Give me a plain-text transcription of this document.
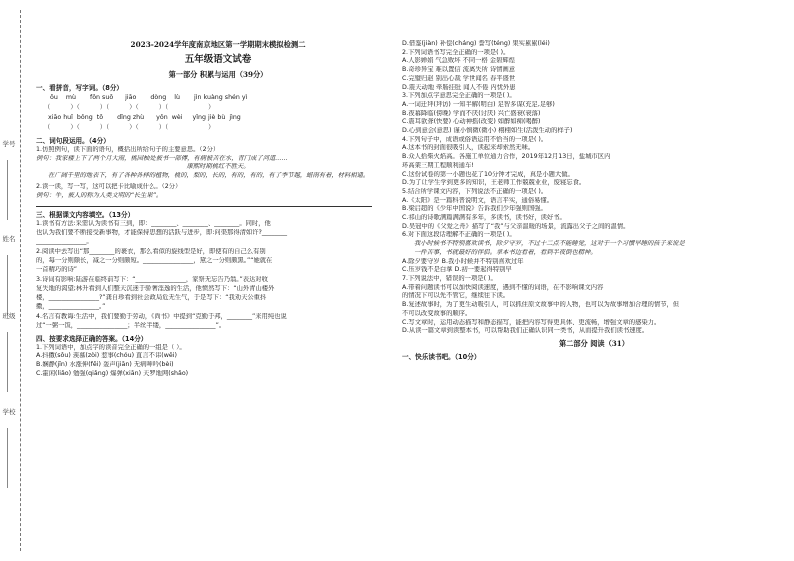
学号
姓名
班级
学校
2023-2024学年度南京地区第一学期期末模拟检测二
五年级语文试卷
第一部分 积累与运用（39分）
一、看拼音，写字词。（8分）
ōu    mù       fǒn suō      jiāo       dòng    lù       jìn kuàng shén yì
（          ）（          ）（          ）（          ）（                    ）
xiāo huǐ  bǒng  tō       dǐng zhù      yǒn  wèi     yǐng jiè bù  jìng
（          ）（          ）（          ）（          ）（                    ）
二、词句段运用。（4分）
1.仿照例句，读下面的语句，概括出所给句子的主要意思。（2分）
例句：我家楼上下了两个月大雨，桃园柚处被书一部傅，有病被苦在水，青门成了河道……
康熙时期桃红不胜天。
在广阔千里的地表下，有了各种各样的植物，桃的，梨的，长的，有的，有的，有了季节越，蜡雨有着，材料相通。
2.读一读，写一写，这可以把卡比喻成什么。（2分）
例句：牛，被人的称为人类文明的“长生果”。
三、根据课文内容填空。（13分）
1.读书有方法:采需认为读书有三到，即：________、________、________。同时，他
也认为我们要不断接受新事物，才能保持思想的活跃与进步，即:问渠那得清如许?________
________________。
2.阅读中去写出“那________的裹衣，那么看似的旋线型是好，即使有的自己么有别
的，每一分则颇长，减之一分则颇短。________________，黛之一分则颇黑。”“她就在
一首精巧的诗”
3.诗词有影响:陆游在临终前写下：“________________，家祭无忘告乃翁。”表达对收
复失地的渴望;林升看到人们整天沉迷于骄奢淫逸的生活，他愤然写下：“山外青山楼外
楼，________________?”龚自珍看到社会政局危无生气，于是写下：“我劝天公重抖
擞，________________。”
4.名言有教诲:生活中，我们要勤于劳动，《尚书》中提到“克勤于邦，________”来用纯也说
过“一粥一饭，________________；半丝半缕，________________”。
四、按要求选择正确的答案。（14分）
1.下列词语中，加点字的读音完全正确的一组是（ ）。
A.抖擞(sǒu) 羡慕(zòi) 惹事(chóu) 直言不讳(wěi)
B.娴静(jīn) 水涨伸(fēi) 轰声(jiān) 无病呻吟(bèi)
C.霍闲(liǎo) 勉强(qiǎng) 爆弹(xiān) 天罗地网(shǎo)
D.借鉴(jiàn) 补偿(cháng) 誊写(téng) 果实累累(léi)
2.下列词语书写完全正确的一项是( )。
A.人影婵娟 气急败坏 不同一格 金碧辉煌
B.奇珍异宝 难以置信 流离失所 诗情画意
C.完璧归赵 别出心裁 学世闻名 春平盛世
D.震天动地 牵肠挂肚 闻人不倦 内忧外患
3.下列加点字意思完全正确的一项是( )。
A.一词迁拜(拜访) 一知半解(明白) 足智多谋(充足,足够)
B.夜幕降临(傍晚) 学而不厌(讨厌) 兴亡盛衰(衰落)
C.震耳欲聋(快要) 心动神摇(改变) 如醉如痴(喝醉)
D.心到意会(意思) 谨小慎微(微小) 栩栩如生(活泼生动的样子)
4.下列句子中，成语或俗语运用不恰当的一项是( )。
A.这本书的封面很吸引人，读起来却索然无味。
B.众人拾柴火焰高。各施工单位通力合作，2019年12月13日，盐城市区内
环高架三期工程顺利通车!
C.这份试卷的第一小题也花了10分钟才完成，真是小题大做。
D.为了让学生学到更多的知识，王老师工作兢兢业业，废寝忘食。
5.结合所学课文内容，下列说法不正确的一项是( )。
A.《太阳》是一篇科普说明文，语言平实，通俗易懂。
B.梁启超的《少年中国说》告诉我们少年强则国强。
C.祁山的诗歌满篇满满有多年，多读书，读书好，读好书。
D.吴冠中的《父爱之舟》描写了“我”与父亲温暖的场景，流露出父子之间的温情。
6.对下面这段话理解不正确的一项是( )。
我小时候书不特别喜欢读书，除夕守岁，不过十二点不能睡觉，这对于一个习惯早睡的孩子来说是
一件苦事，书就最好的伴侣。拿本书边看着，看到半夜倒也精神。
A.除夕要守岁 B.我小时候并不特别喜欢过年
C.压岁钱不是白拿 D.初一要起得特别早
7.下列说法中，错误的一项是( )。
A.带着问题读书可以加快阅读速度，遇到不懂的词语，在不影响课文内容
的情况下可以先不管它，继续往下读。
B.复述故事时，为了更生动吸引人，可以抓住原文故事中的人物，也可以为故事增加合理的情节，但
不可以改变故事的顺序。
C.写文章时，运用动态描写和静态描写，能把内容写得更具体、更流畅，增强文章的感染力。
D.从读一篇文章到读整本书，可以帮助我们正确认识同一类书，从而提升我们读书速度。
第二部分 阅读（31）
一、快乐读书吧。（10分）
